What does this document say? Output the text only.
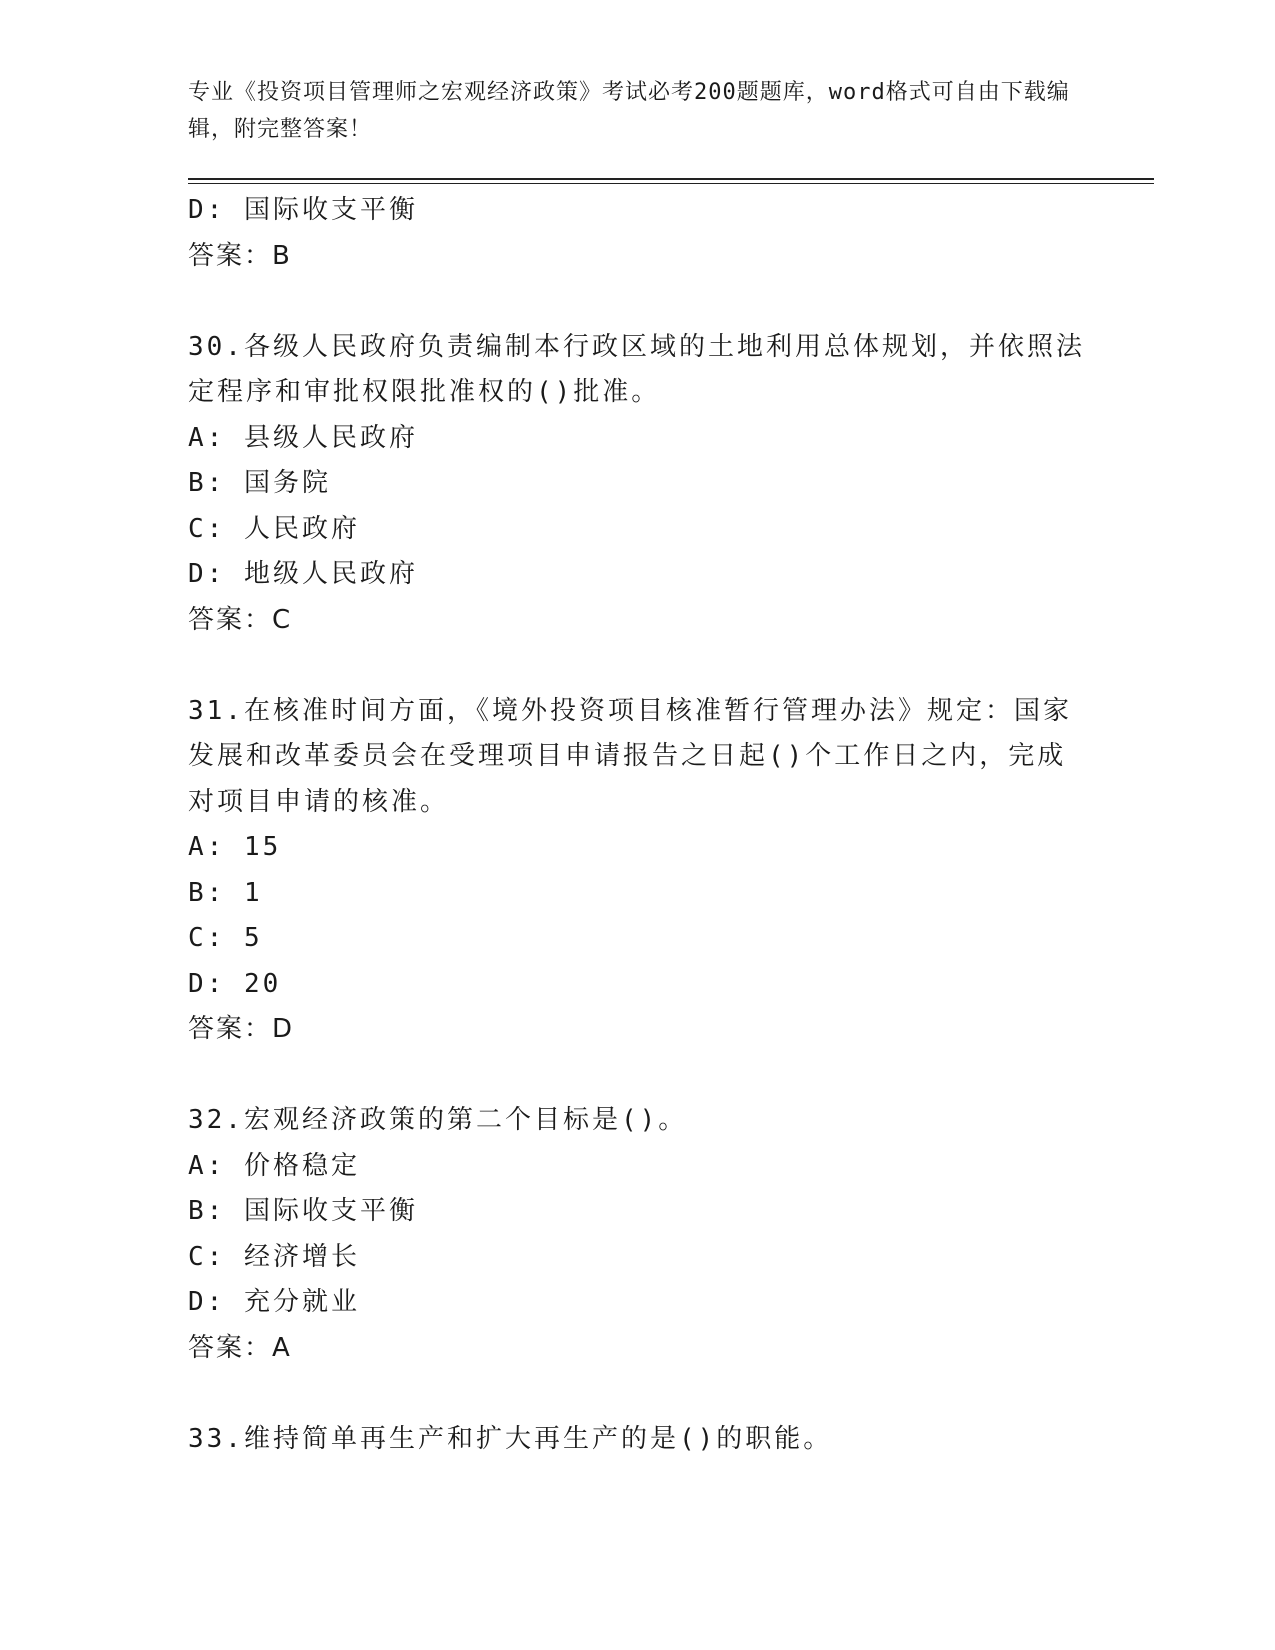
专业《投资项目管理师之宏观经济政策》考试必考200题题库，word格式可自由下载编辑，附完整答案！
D: 国际收支平衡
答案：B
30.各级人民政府负责编制本行政区域的土地利用总体规划，并依照法定程序和审批权限批准权的()批准。
A: 县级人民政府
B: 国务院
C: 人民政府
D: 地级人民政府
答案：C
31.在核准时间方面，《境外投资项目核准暂行管理办法》规定：国家发展和改革委员会在受理项目申请报告之日起()个工作日之内，完成对项目申请的核准。
A: 15
B: 1
C: 5
D: 20
答案：D
32.宏观经济政策的第二个目标是()。
A: 价格稳定
B: 国际收支平衡
C: 经济增长
D: 充分就业
答案：A
33.维持简单再生产和扩大再生产的是()的职能。
